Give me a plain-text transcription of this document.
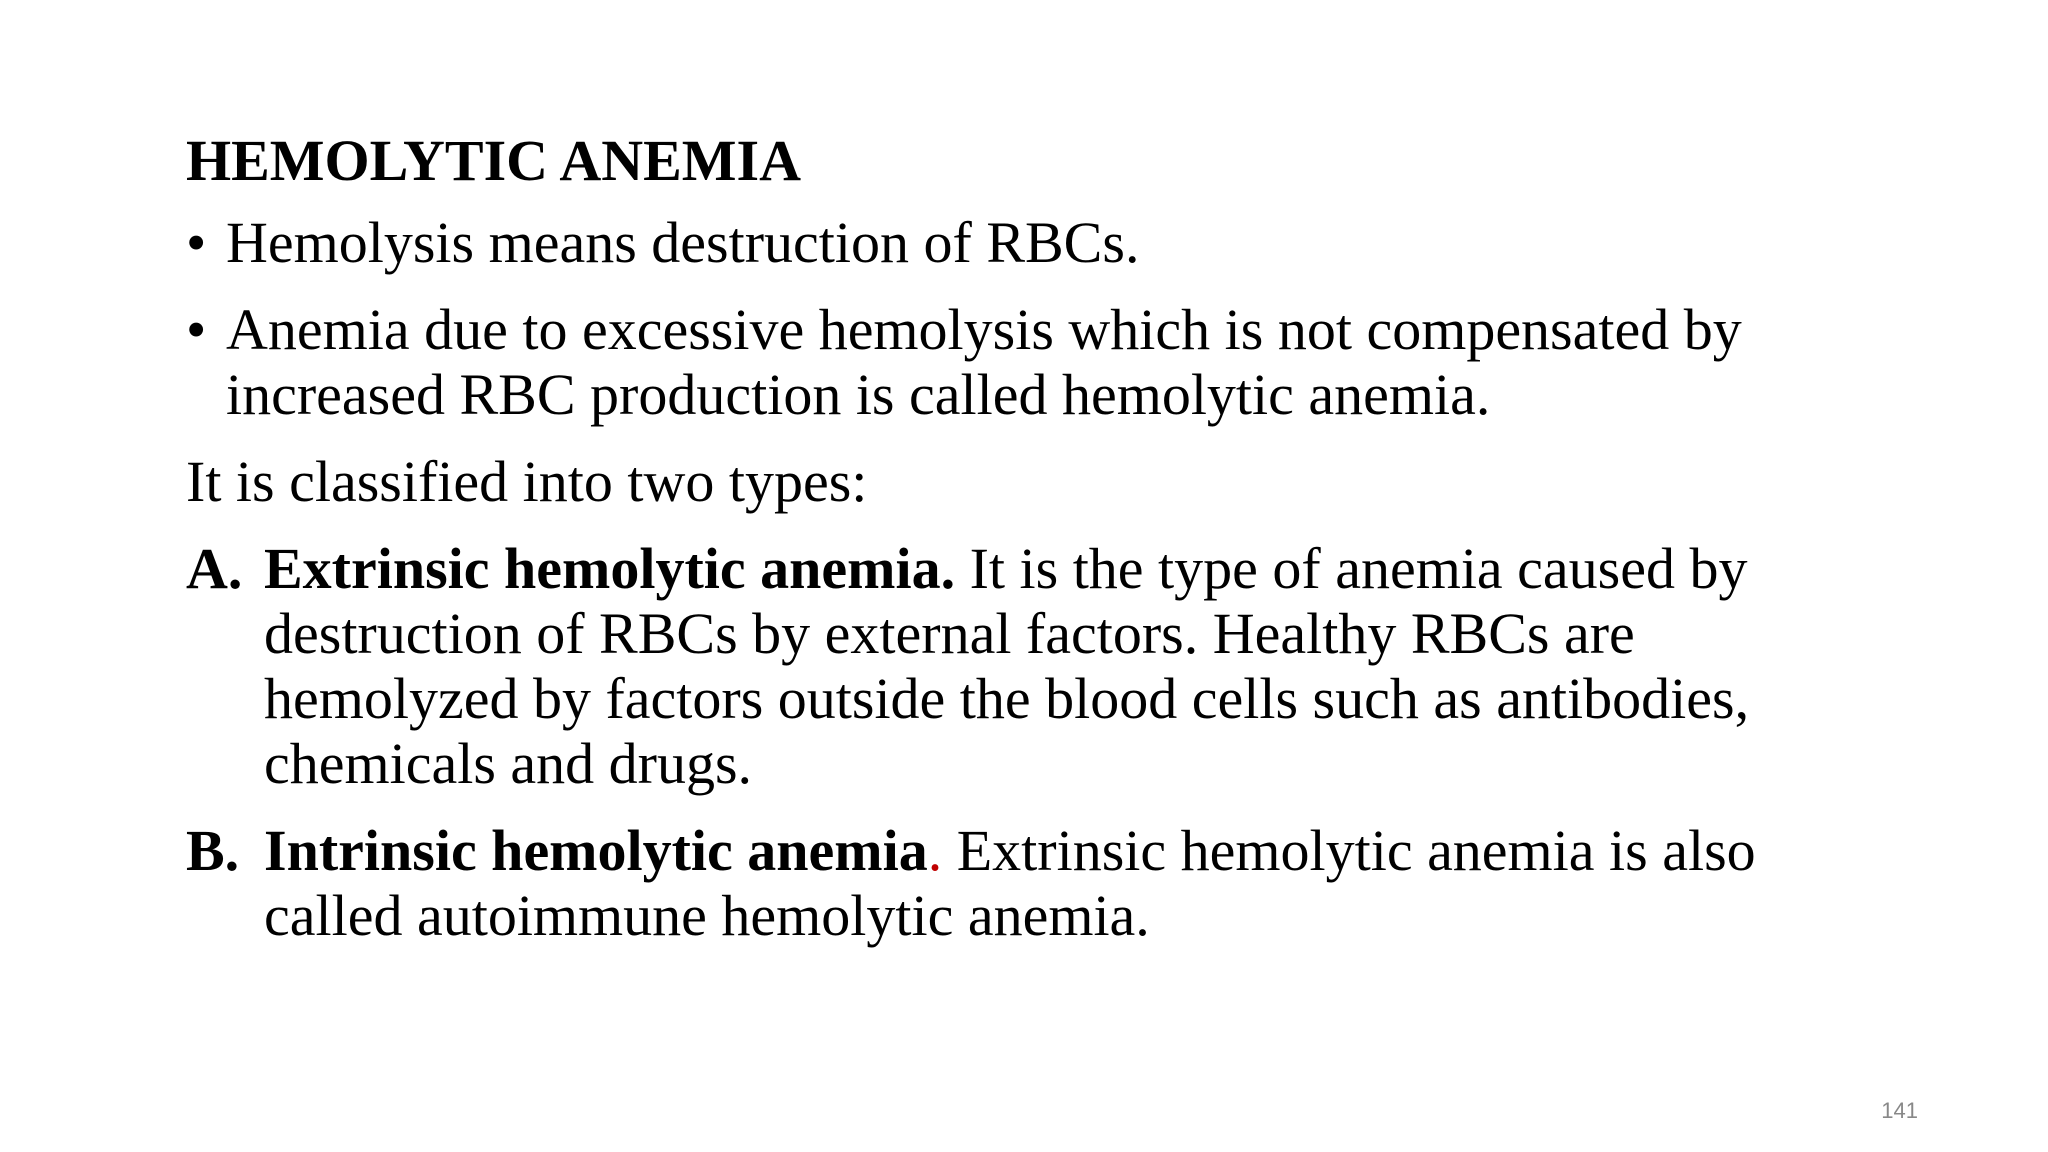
HEMOLYTIC ANEMIA
• Hemolysis means destruction of RBCs.
• Anemia due to excessive hemolysis which is not compensated by increased RBC production is called hemolytic anemia.
It is classified into two types:
A. Extrinsic hemolytic anemia. It is the type of anemia caused by destruction of RBCs by external factors. Healthy RBCs are hemolyzed by factors outside the blood cells such as antibodies, chemicals and drugs.
B. Intrinsic hemolytic anemia. Extrinsic hemolytic anemia is also called autoimmune hemolytic anemia.
141
